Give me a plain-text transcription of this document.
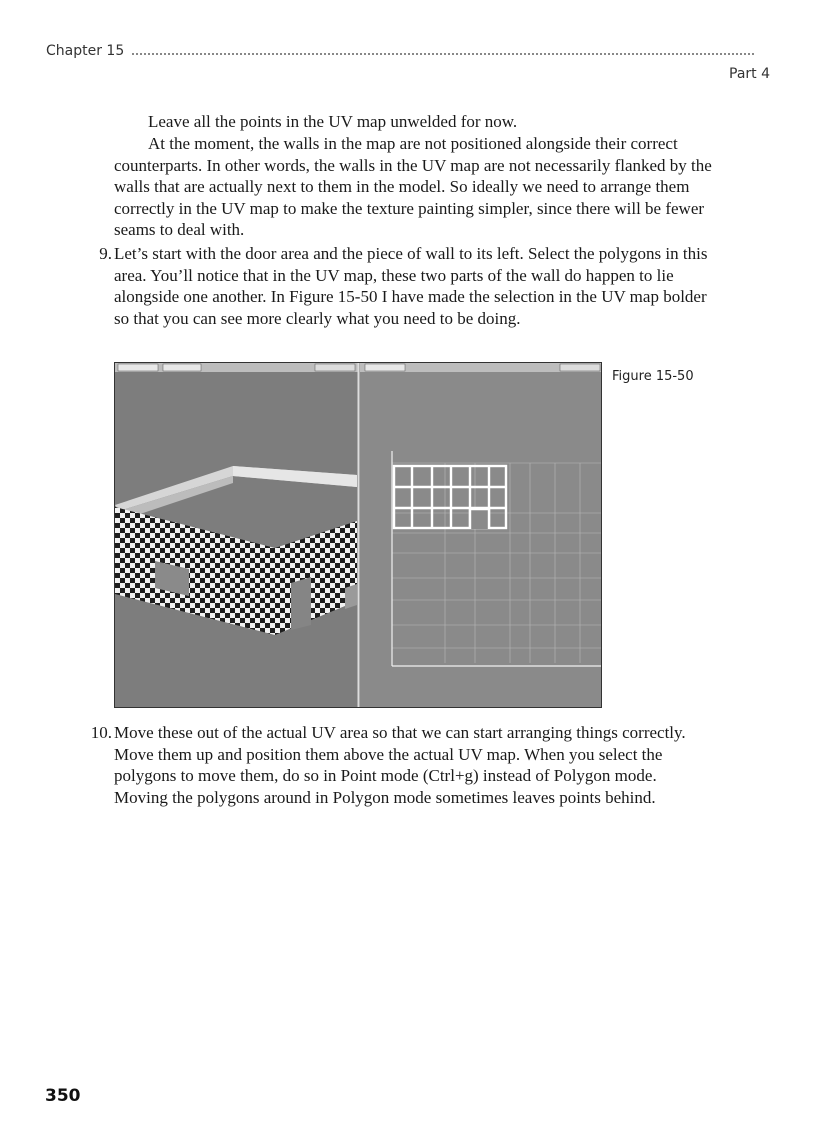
Chapter 15
Part 4

Leave all the points in the UV map unwelded for now.

At the moment, the walls in the map are not positioned alongside their correct counterparts. In other words, the walls in the UV map are not necessarily flanked by the walls that are actually next to them in the model. So ideally we need to arrange them correctly in the UV map to make the texture painting simpler, since there will be fewer seams to deal with.

9. Let’s start with the door area and the piece of wall to its left. Select the polygons in this area. You’ll notice that in the UV map, these two parts of the wall do happen to lie alongside one another. In Figure 15-50 I have made the selection in the UV map bolder so that you can see more clearly what you need to be doing.
Figure 15-50
10. Move these out of the actual UV area so that we can start arranging things correctly. Move them up and position them above the actual UV map. When you select the polygons to move them, do so in Point mode (Ctrl+g) instead of Polygon mode. Moving the polygons around in Polygon mode sometimes leaves points behind.
350
